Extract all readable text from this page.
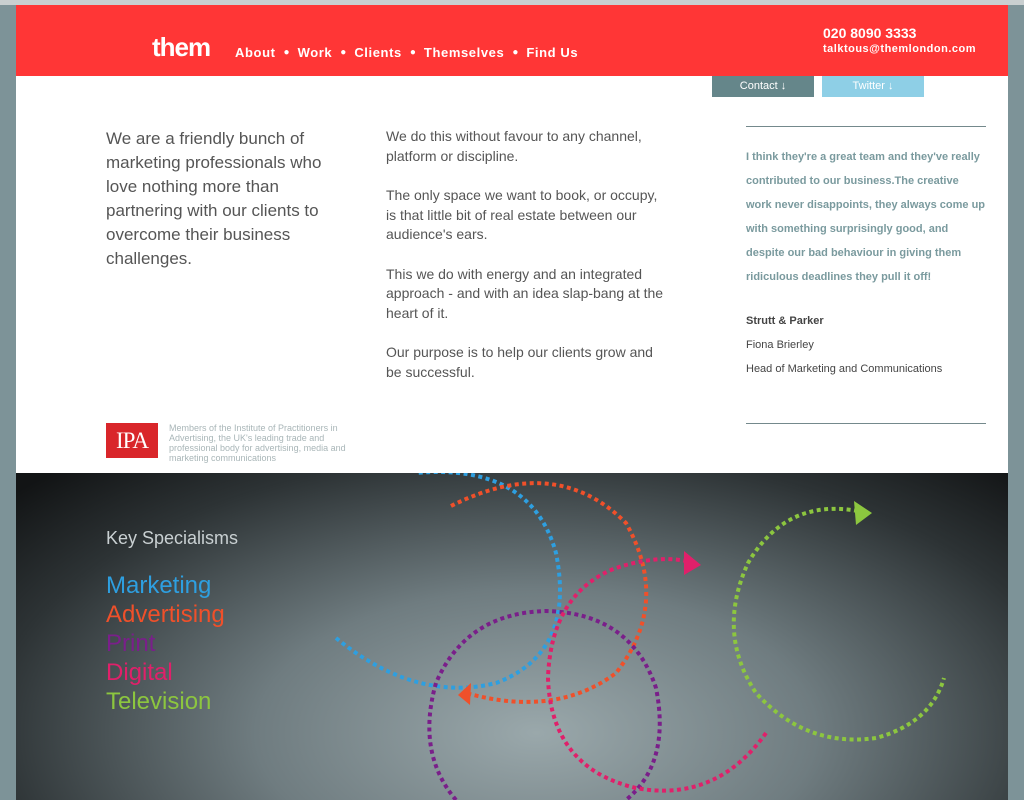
them About ● Work ● Clients ● Themselves ● Find Us
020 8090 3333
talktous@themlondon.com
Contact ↓	Twitter ↓
We are a friendly bunch of marketing professionals who love nothing more than partnering with our clients to overcome their business challenges.

We do this without favour to any channel, platform or discipline.

The only space we want to book, or occupy, is that little bit of real estate between our audience's ears.

This we do with energy and an integrated approach - and with an idea slap-bang at the heart of it.

Our purpose is to help our clients grow and be successful.

I think they're a great team and they've really contributed to our business.The creative work never disappoints, they always come up with something surprisingly good, and despite our bad behaviour in giving them ridiculous deadlines they pull it off!

Strutt & Parker

Fiona Brierley

Head of Marketing and Communications

IPA	Members of the Institute of Practitioners in Advertising, the UK's leading trade and professional body for advertising, media and marketing communications
Key Specialisms
Marketing
Advertising
Print
Digital
Television
